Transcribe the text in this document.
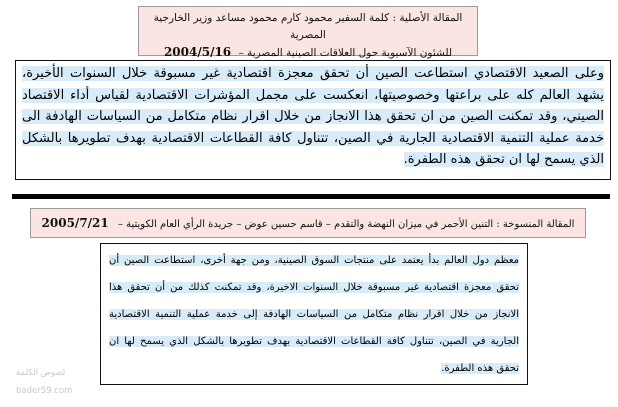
المقالة الأصلية : كلمة السفير محمود كارم محمود مساعد وزير الخارجية المصرية
للشئون الآسيوية حول العلاقات الصينية المصرية – 2004/5/16
وعلى الصعيد الاقتصادي استطاعت الصين أن تحقق معجزة اقتصادية غير مسبوقة خلال السنوات الأخيرة، يشهد العالم كله على براعتها وخصوصيتها، انعكست على مجمل المؤشرات الاقتصادية لقياس أداء الاقتصاد الصيني، وقد تمكنت الصين من ان تحقق هذا الانجاز من خلال اقرار نظام متكامل من السياسات الهادفة الى خدمة عملية التنمية الاقتصادية الجارية في الصين، تتناول كافة القطاعات الاقتصادية بهدف تطويرها بالشكل الذي يسمح لها ان تحقق هذه الطفرة.
المقالة المنسوخة : التنين الأحمر في ميزان النهضة والتقدم – قاسم حسين عوض – جريدة الرأي العام الكويتية – 2005/7/21
معظم دول العالم بدأ يعتمد على منتجات السوق الصينية، ومن جهة أخرى، استطاعت الصين أن تحقق معجزة اقتصادية غير مسبوقة خلال السنوات الاخيرة، وقد تمكنت كذلك من أن تحقق هذا الانجاز من خلال اقرار نظام متكامل من السياسات الهادفة إلى خدمة عملية التنمية الاقتصادية الجارية في الصين، تتناول كافة القطاعات الاقتصادية بهدف تطويرها بالشكل الذي يسمح لها ان تحقق هذه الطفرة.
لصوص الكلمة
bader59.com
